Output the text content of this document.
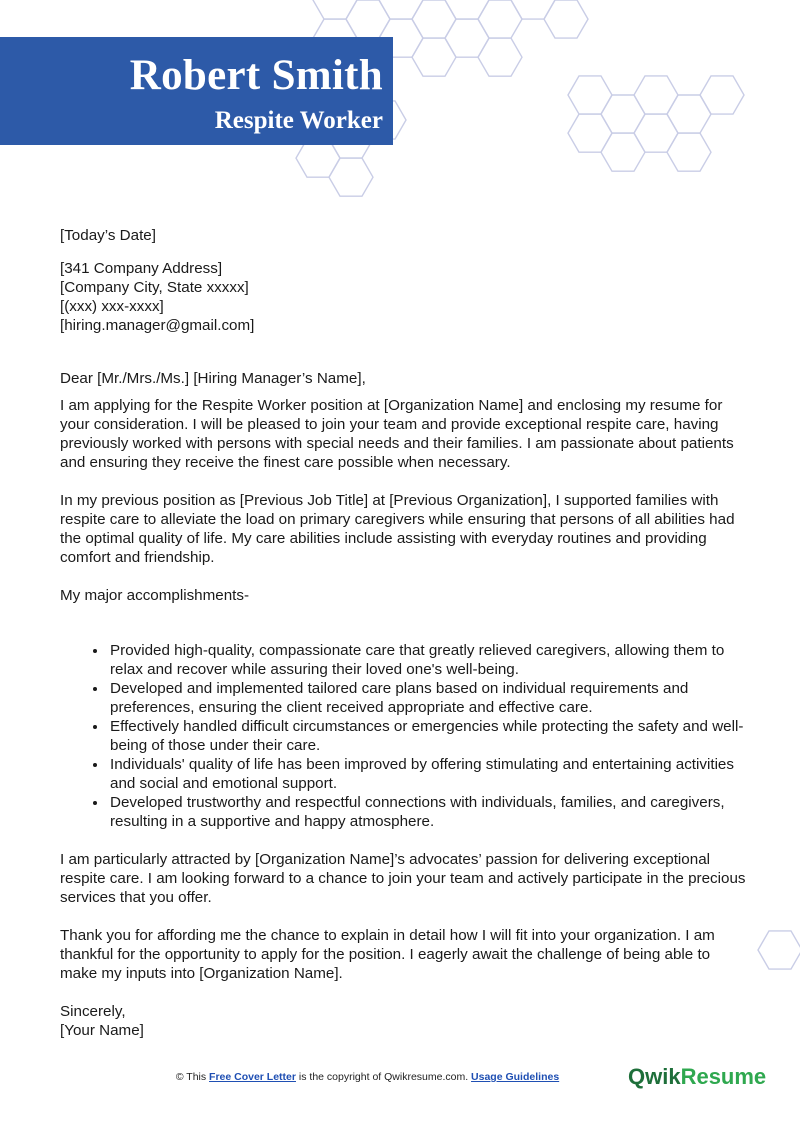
Robert Smith
Respite Worker

[Today’s Date]

[341 Company Address]

[Company City, State xxxxx]

[(xxx) xxx-xxxx]

[hiring.manager@gmail.com]

Dear [Mr./Mrs./Ms.] [Hiring Manager’s Name],

I am applying for the Respite Worker position at [Organization Name] and enclosing my resume for your consideration. I will be pleased to join your team and provide exceptional respite care, having previously worked with persons with special needs and their families. I am passionate about patients and ensuring they receive the finest care possible when necessary.

In my previous position as [Previous Job Title] at [Previous Organization], I supported families with respite care to alleviate the load on primary caregivers while ensuring that persons of all abilities had the optimal quality of life. My care abilities include assisting with everyday routines and providing comfort and friendship.

My major accomplishments-

• Provided high-quality, compassionate care that greatly relieved caregivers, allowing them to relax and recover while assuring their loved one's well-being.
• Developed and implemented tailored care plans based on individual requirements and preferences, ensuring the client received appropriate and effective care.
• Effectively handled difficult circumstances or emergencies while protecting the safety and well-being of those under their care.
• Individuals' quality of life has been improved by offering stimulating and entertaining activities and social and emotional support.
• Developed trustworthy and respectful connections with individuals, families, and caregivers, resulting in a supportive and happy atmosphere.

I am particularly attracted by [Organization Name]’s advocates’ passion for delivering exceptional respite care. I am looking forward to a chance to join your team and actively participate in the precious services that you offer.

Thank you for affording me the chance to explain in detail how I will fit into your organization. I am thankful for the opportunity to apply for the position. I eagerly await the challenge of being able to make my inputs into [Organization Name].

Sincerely,

[Your Name]

© This Free Cover Letter is the copyright of Qwikresume.com. Usage Guidelines	QwikResume
